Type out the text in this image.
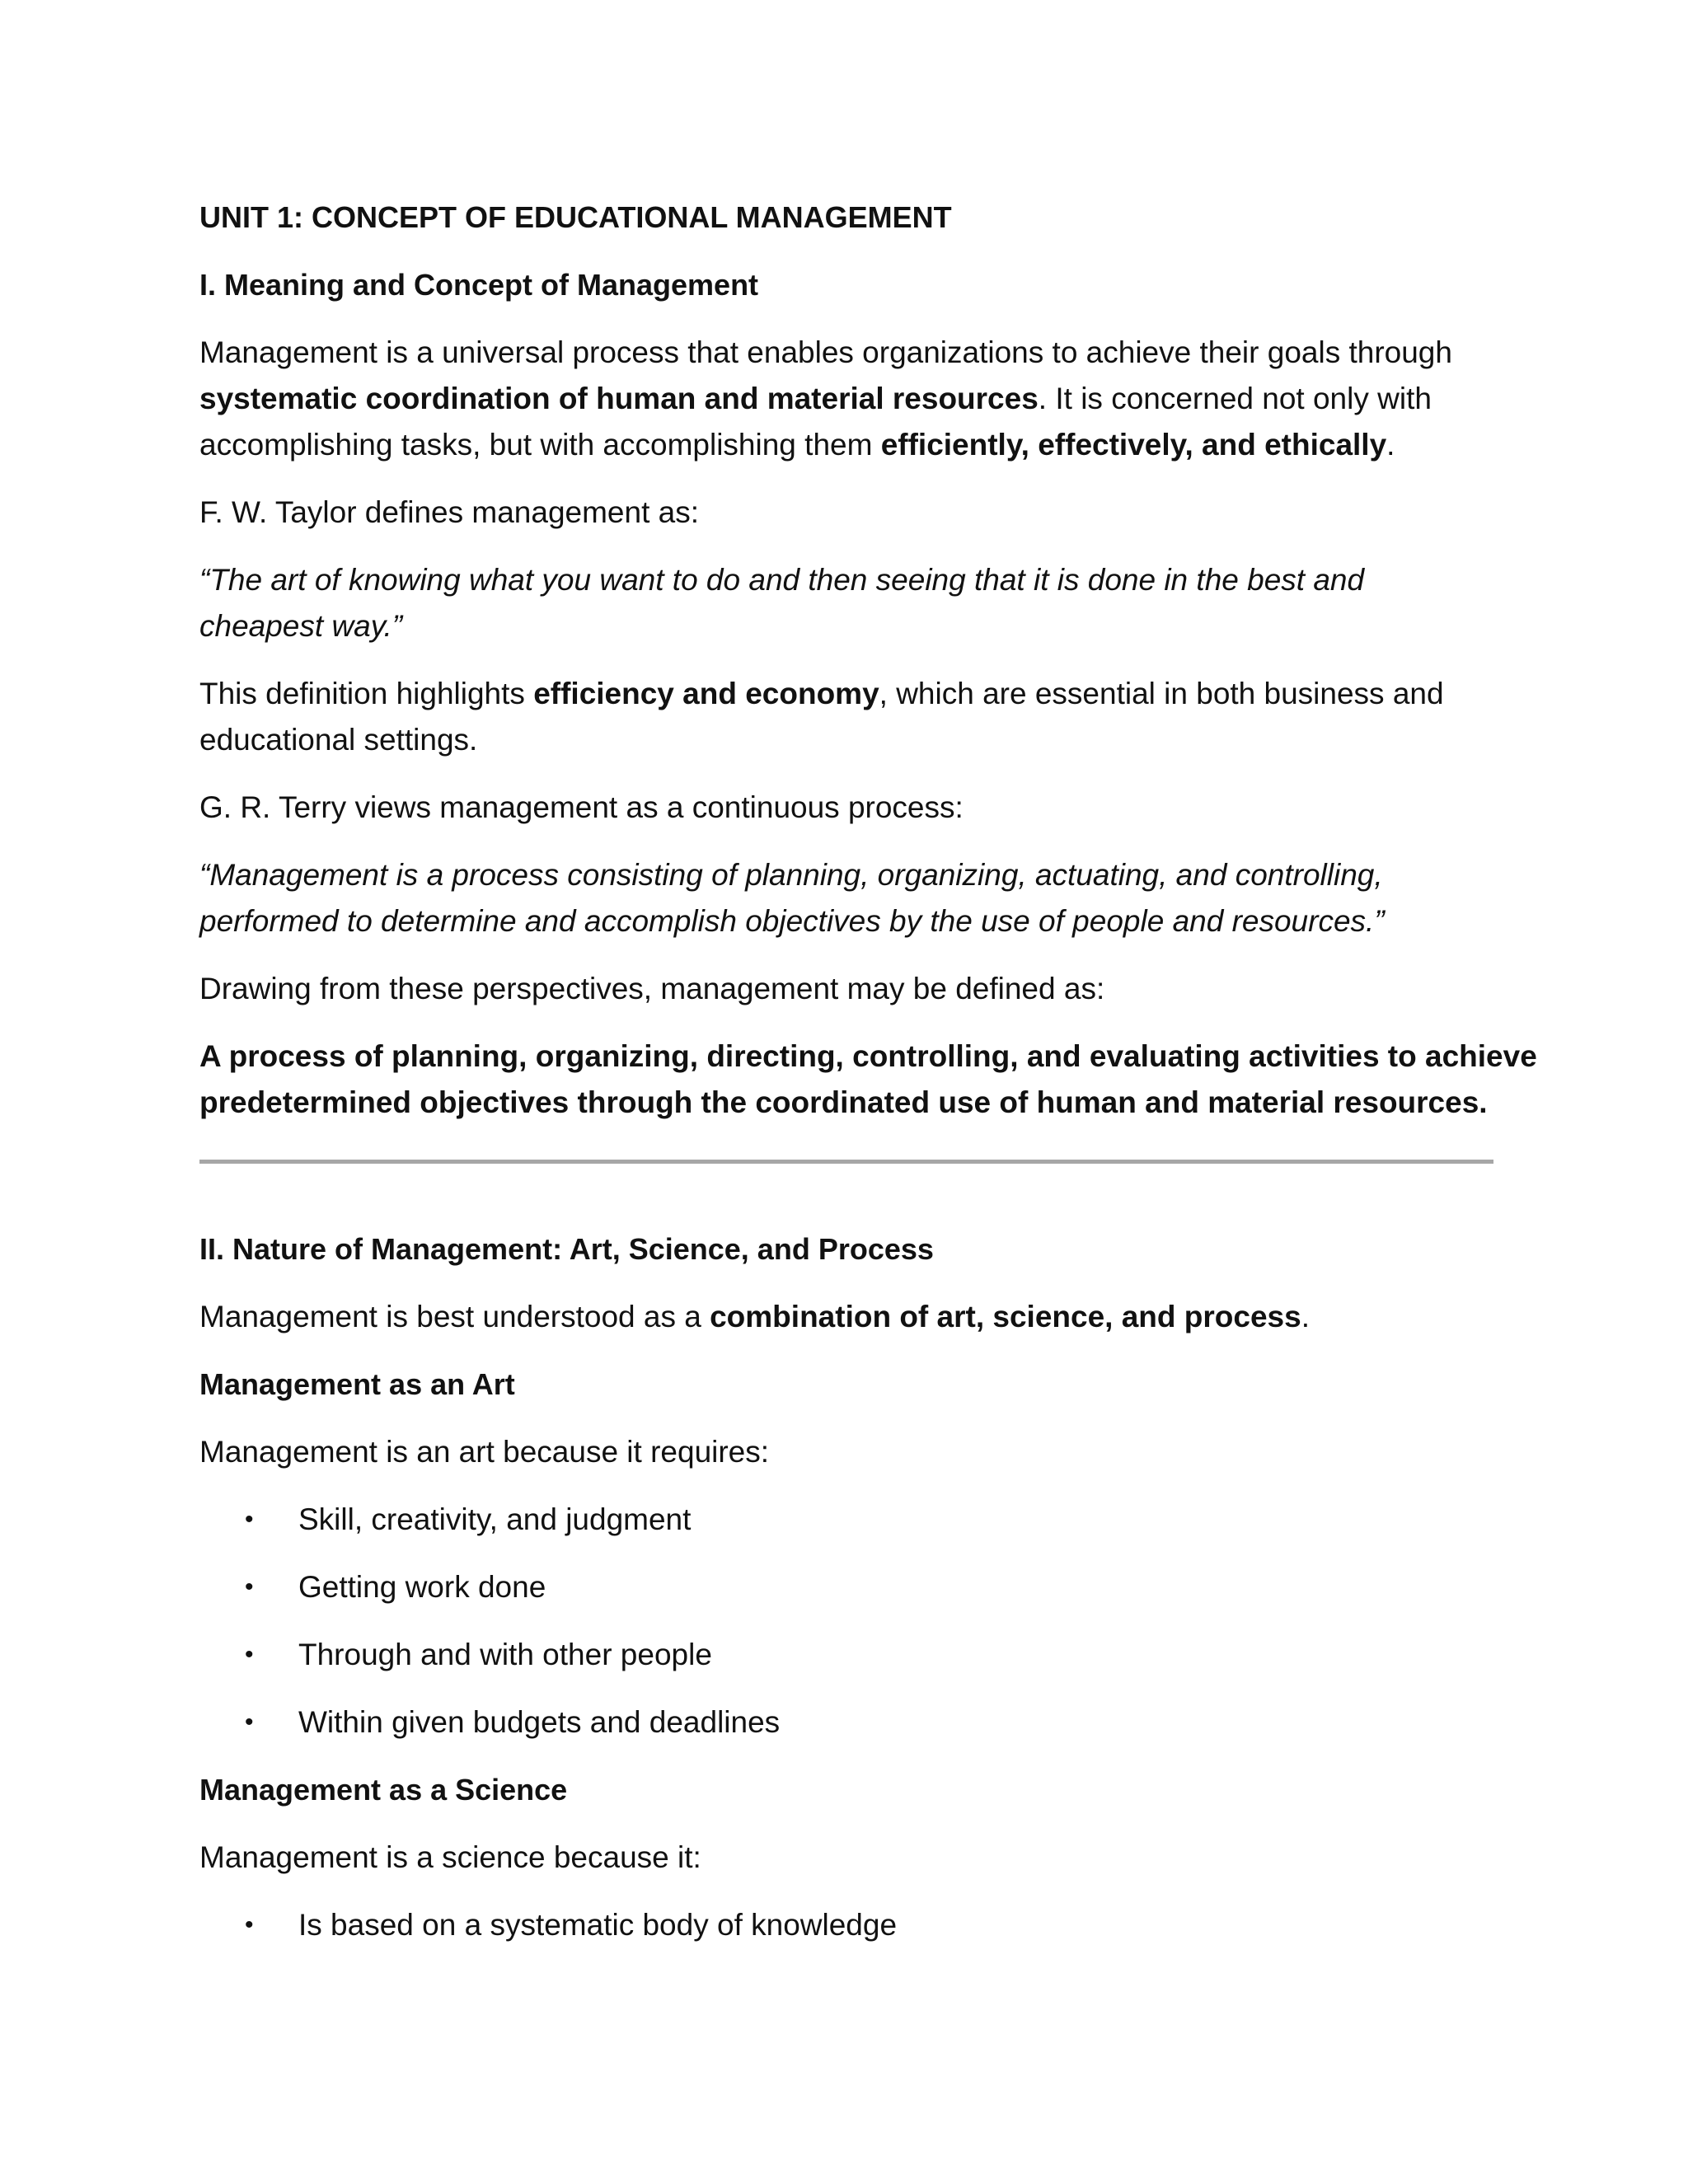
UNIT 1: CONCEPT OF EDUCATIONAL MANAGEMENT

I. Meaning and Concept of Management

Management is a universal process that enables organizations to achieve their goals through

systematic coordination of human and material resources. It is concerned not only with

accomplishing tasks, but with accomplishing them efficiently, effectively, and ethically.

F. W. Taylor defines management as:

“The art of knowing what you want to do and then seeing that it is done in the best and

cheapest way.”

This definition highlights efficiency and economy, which are essential in both business and

educational settings.

G. R. Terry views management as a continuous process:

“Management is a process consisting of planning, organizing, actuating, and controlling,

performed to determine and accomplish objectives by the use of people and resources.”

Drawing from these perspectives, management may be defined as:

A process of planning, organizing, directing, controlling, and evaluating activities to achieve

predetermined objectives through the coordinated use of human and material resources.

II. Nature of Management: Art, Science, and Process

Management is best understood as a combination of art, science, and process.

Management as an Art

Management is an art because it requires:

• Skill, creativity, and judgment
• Getting work done
• Through and with other people
• Within given budgets and deadlines

Management as a Science

Management is a science because it:

• Is based on a systematic body of knowledge
